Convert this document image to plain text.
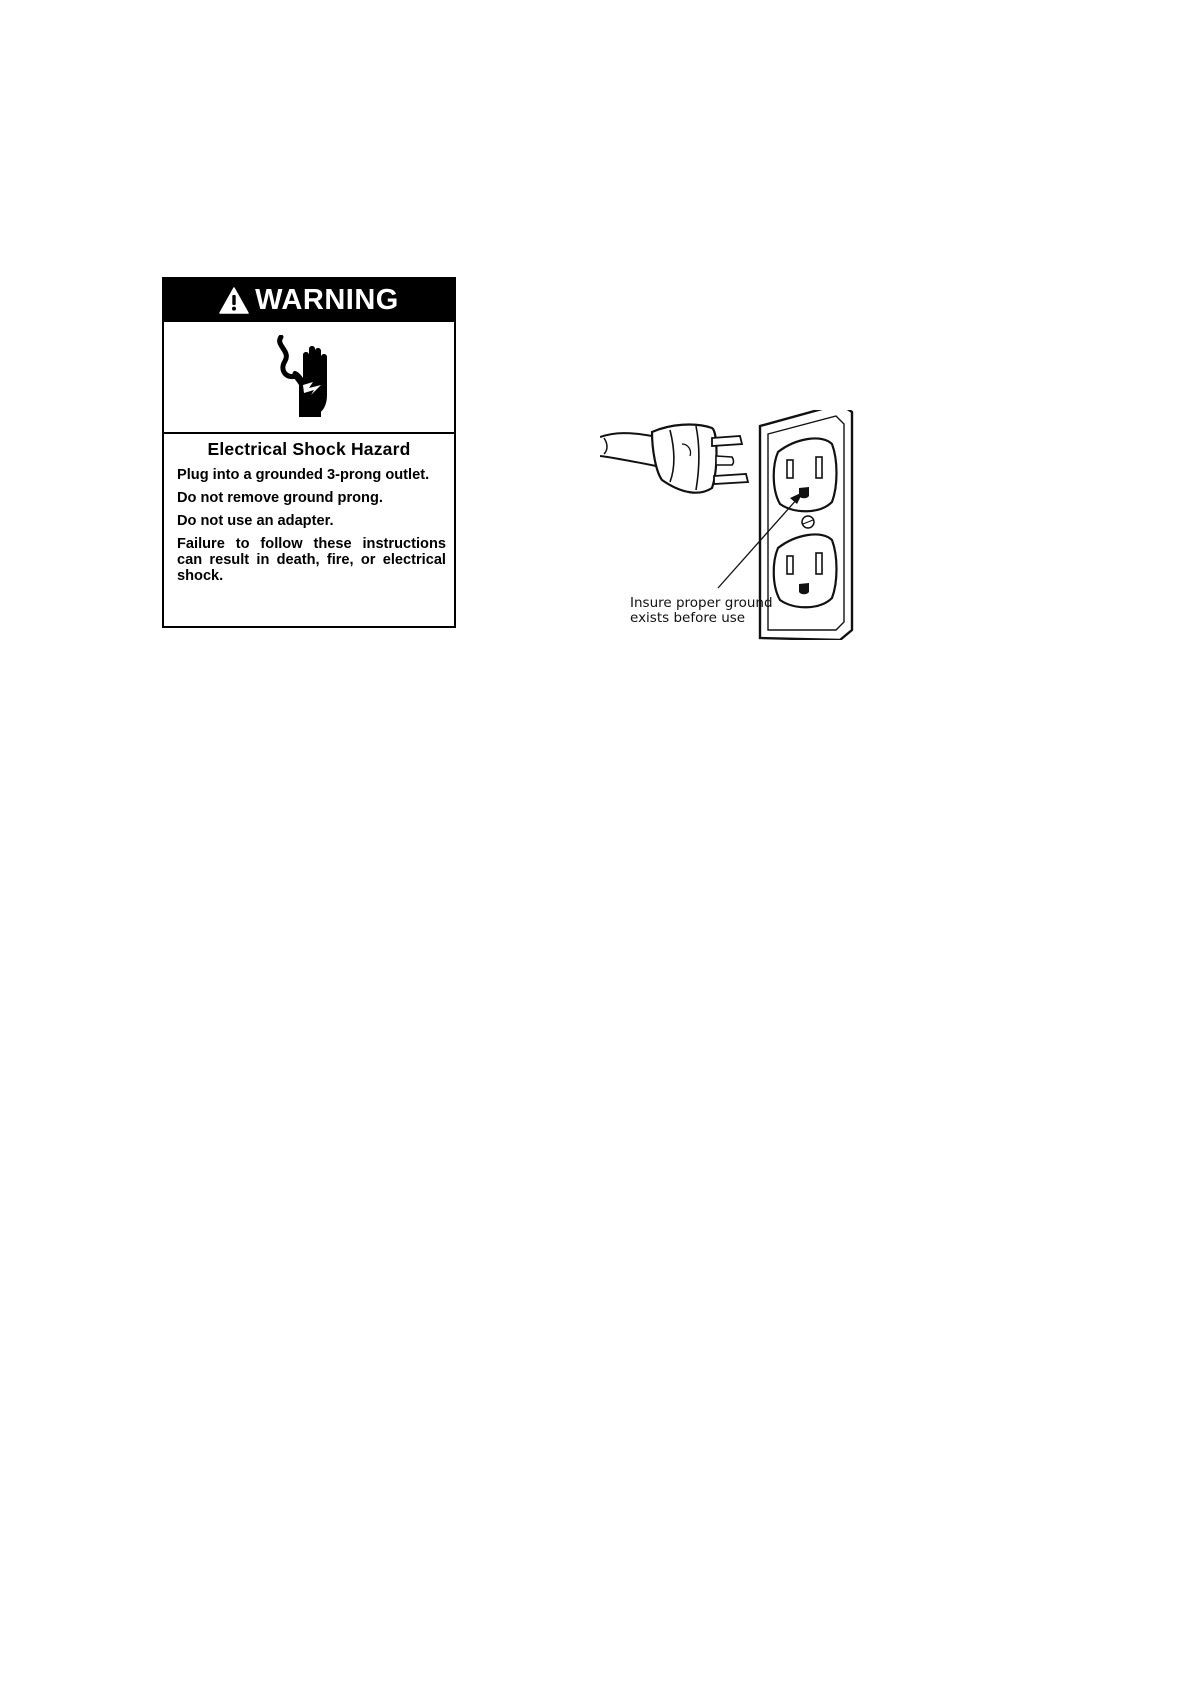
WARNING
Electrical Shock Hazard

Plug into a grounded 3-prong outlet.

Do not remove ground prong.

Do not use an adapter.

Failure to follow these instructions can result in death, fire, or electrical shock.

Insure proper ground
exists before use
